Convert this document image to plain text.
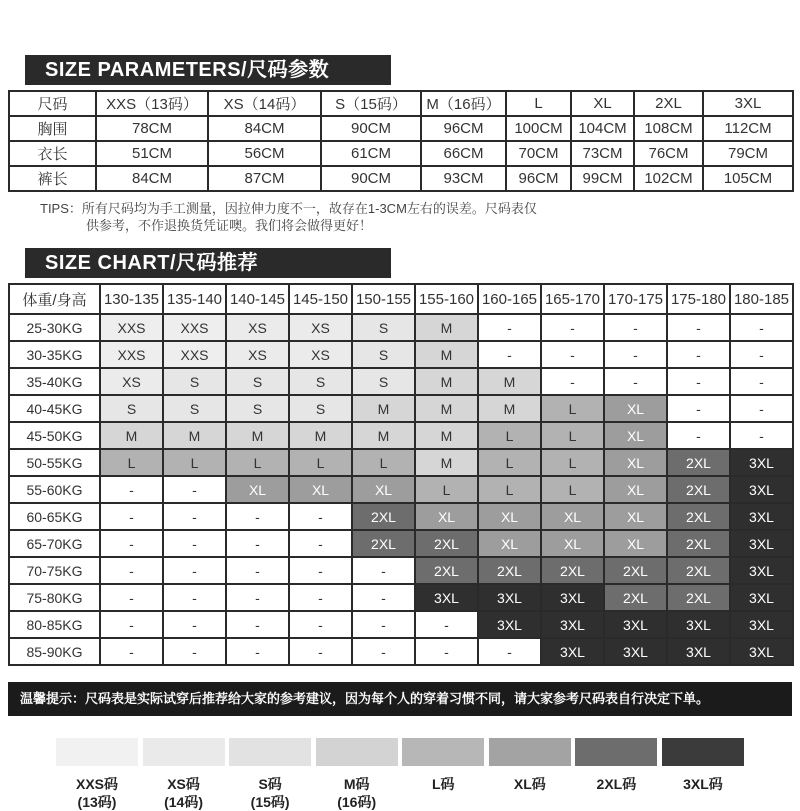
SIZE PARAMETERS/尺码参数
尺码	XXS（13码）	XS（14码）	S（15码）	M（16码）	L	XL	2XL	3XL
胸围	78CM	84CM	90CM	96CM	100CM	104CM	108CM	112CM
衣长	51CM	56CM	61CM	66CM	70CM	73CM	76CM	79CM
裤长	84CM	87CM	90CM	93CM	96CM	99CM	102CM	105CM
TIPS：所有尺码均为手工测量，因拉伸力度不一，故存在1-3CM左右的误差。尺码表仅
供参考，不作退换货凭证噢。我们将会做得更好！
SIZE CHART/尺码推荐
体重/身高	130-135	135-140	140-145	145-150	150-155	155-160	160-165	165-170	170-175	175-180	180-185
25-30KG	XXS	XXS	XS	XS	S	M	-	-	-	-	-
30-35KG	XXS	XXS	XS	XS	S	M	-	-	-	-	-
35-40KG	XS	S	S	S	S	M	M	-	-	-	-
40-45KG	S	S	S	S	M	M	M	L	XL	-	-
45-50KG	M	M	M	M	M	M	L	L	XL	-	-
50-55KG	L	L	L	L	L	M	L	L	XL	2XL	3XL
55-60KG	-	-	XL	XL	XL	L	L	L	XL	2XL	3XL
60-65KG	-	-	-	-	2XL	XL	XL	XL	XL	2XL	3XL
65-70KG	-	-	-	-	2XL	2XL	XL	XL	XL	2XL	3XL
70-75KG	-	-	-	-	-	2XL	2XL	2XL	2XL	2XL	3XL
75-80KG	-	-	-	-	-	3XL	3XL	3XL	2XL	2XL	3XL
80-85KG	-	-	-	-	-	-	3XL	3XL	3XL	3XL	3XL
85-90KG	-	-	-	-	-	-	-	3XL	3XL	3XL	3XL
温馨提示：尺码表是实际试穿后推荐给大家的参考建议，因为每个人的穿着习惯不同，请大家参考尺码表自行决定下单。
XXS码
(13码)
XS码
(14码)
S码
(15码)
M码
(16码)
L码	XL码	2XL码	3XL码
